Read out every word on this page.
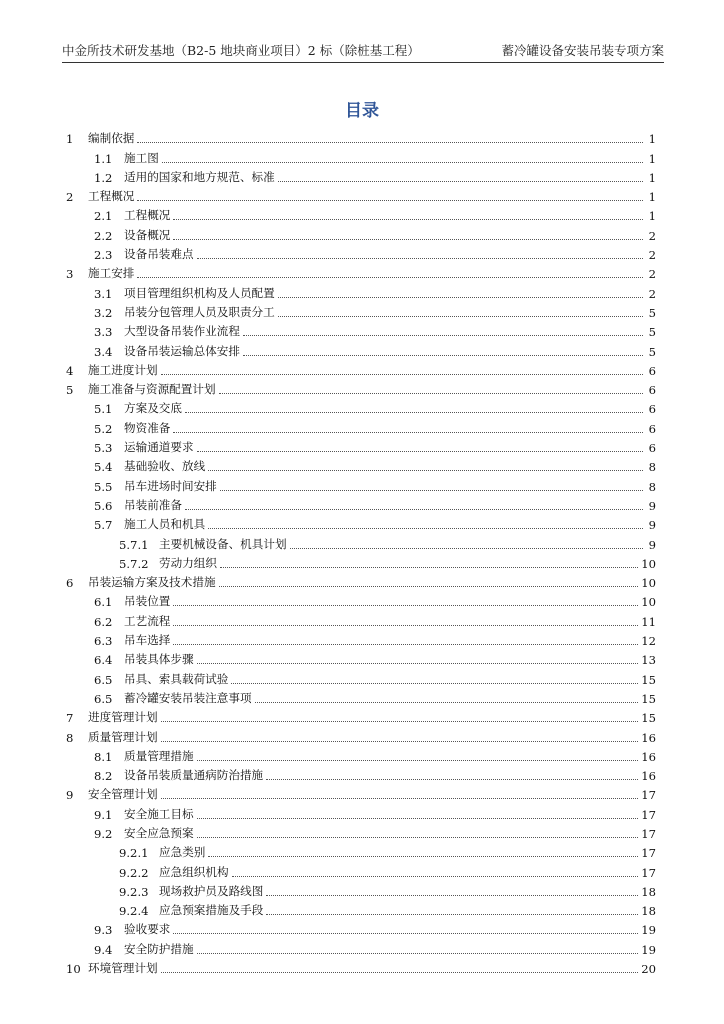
中金所技术研发基地（B2-5 地块商业项目）2 标（除桩基工程）	蓄冷罐设备安装吊装专项方案
目录
1	编制依据	1
1.1 施工图	1
1.2 适用的国家和地方规范、标准	1
2	工程概况	1
2.1 工程概况	1
2.2 设备概况	2
2.3 设备吊装难点	2
3	施工安排	2
3.1 项目管理组织机构及人员配置	2
3.2 吊装分包管理人员及职责分工	5
3.3 大型设备吊装作业流程	5
3.4 设备吊装运输总体安排	5
4	施工进度计划	6
5	施工准备与资源配置计划	6
5.1 方案及交底	6
5.2 物资准备	6
5.3 运输通道要求	6
5.4 基础验收、放线	8
5.5 吊车进场时间安排	8
5.6 吊装前准备	9
5.7 施工人员和机具	9
5.7.1 主要机械设备、机具计划	9
5.7.2 劳动力组织	10
6	吊装运输方案及技术措施	10
6.1 吊装位置	10
6.2 工艺流程	11
6.3 吊车选择	12
6.4 吊装具体步骤	13
6.5 吊具、索具载荷试验	15
6.5 蓄冷罐安装吊装注意事项	15
7	进度管理计划	15
8	质量管理计划	16
8.1 质量管理措施	16
8.2 设备吊装质量通病防治措施	16
9	安全管理计划	17
9.1 安全施工目标	17
9.2 安全应急预案	17
9.2.1 应急类别	17
9.2.2 应急组织机构	17
9.2.3 现场救护员及路线图	18
9.2.4 应急预案措施及手段	18
9.3 验收要求	19
9.4 安全防护措施	19
10 环境管理计划	20
